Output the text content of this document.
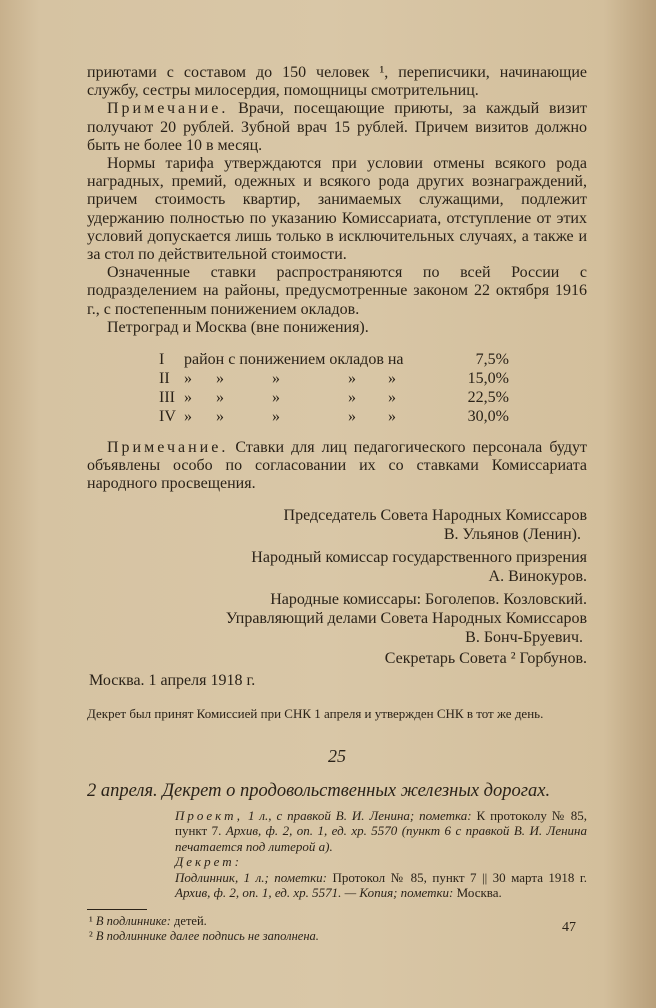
приютами с составом до 150 человек ¹, переписчики, начинающие службу, сестры милосердия, помощницы смотрительниц.

Примечание. Врачи, посещающие приюты, за каждый визит получают 20 рублей. Зубной врач 15 рублей. Причем визитов должно быть не более 10 в месяц.

Нормы тарифа утверждаются при условии отмены всякого рода наградных, премий, одежных и всякого рода других вознаграждений, причем стоимость квартир, занимаемых служащими, подлежит удержанию полностью по указанию Комиссариата, отступление от этих условий допускается лишь только в исключительных случаях, а также и за стол по действительной стоимости.

Означенные ставки распространяются по всей России с подразделением на районы, предусмотренные законом 22 октября 1916 г., с постепенным понижением окладов.

Петроград и Москва (вне понижения).

I	район с понижением окладов на	7,5%
II »      »            »                 »        »	15,0%
III »      »            »                 »        »	22,5%
IV »      »            »                 »        »	30,0%

Примечание. Ставки для лиц педагогического персонала будут объявлены особо по согласовании их со ставками Комиссариата народного просвещения.

Председатель Совета Народных Комиссаров
В. Ульянов (Ленин).
Народный комиссар государственного призрения
А. Винокуров.
Народные комиссары: Боголепов. Козловский.
Управляющий делами Совета Народных Комиссаров
В. Бонч-Бруевич.
Секретарь Совета ² Горбунов.

Москва. 1 апреля 1918 г.

Декрет был принят Комиссией при СНК 1 апреля и утвержден СНК в тот же день.

25

2 апреля. Декрет о продовольственных железных дорогах.

Проект, 1 л., с правкой В. И. Ленина; пометка: К протоколу № 85, пункт 7. Архив, ф. 2, оп. 1, ед. хр. 5570 (пункт 6 с правкой В. И. Ленина печатается под литерой а).
Декрет:
Подлинник, 1 л.; пометки: Протокол № 85, пункт 7 || 30 марта 1918 г. Архив, ф. 2, оп. 1, ед. хр. 5571. — Копия; пометки: Москва.
¹ В подлиннике: детей.
² В подлиннике далее подпись не заполнена.
47
